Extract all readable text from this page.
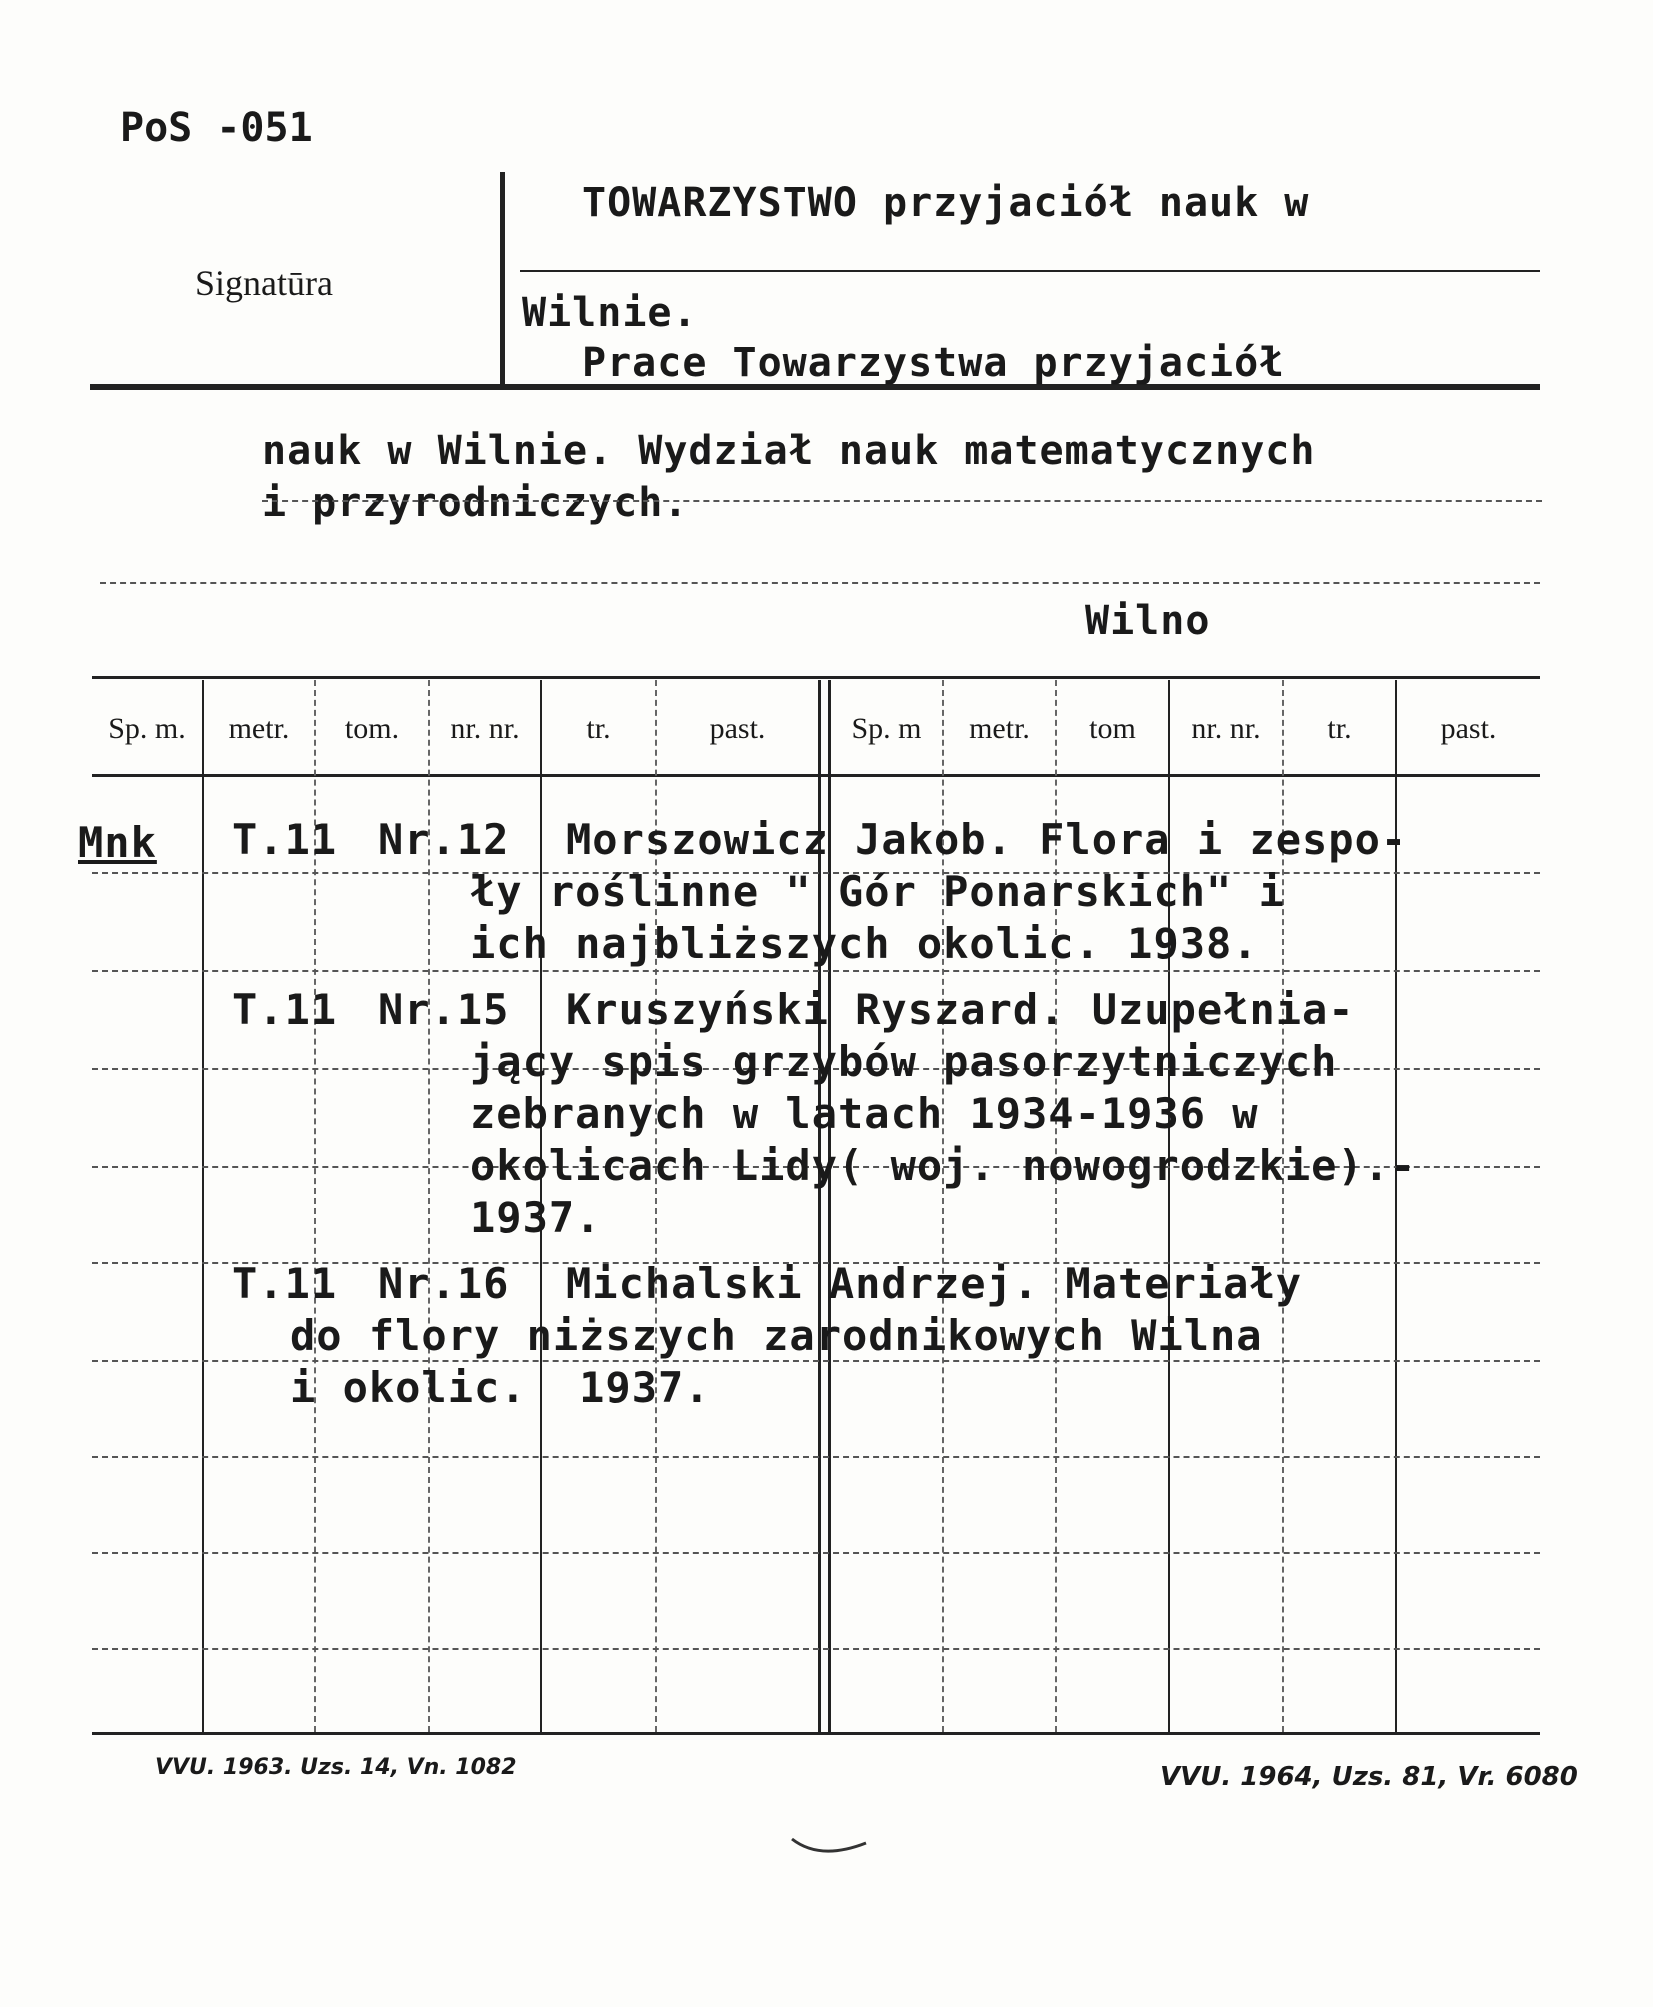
PoS -051
Signatūra
TOWARZYSTWO przyjaciół nauk w
Wilnie.
Prace Towarzystwa przyjaciół
nauk w Wilnie. Wydział nauk matematycznych
i przyrodniczych.
Wilno
Sp. m.	metr.	tom.	nr. nr.	tr.	past.	Sp. m	metr.	tom	nr. nr.	tr.	past.
Mnk T.11 Nr.12 Morszowicz Jakob. Flora i zespo-
ły roślinne " Gór Ponarskich" i
ich najbliższych okolic. 1938.
T.11 Nr.15 Kruszyński Ryszard. Uzupełnia-
jący spis grzybów pasorzytniczych
zebranych w latach 1934-1936 w
okolicach Lidy( woj. nowogrodzkie).-
1937.
T.11 Nr.16 Michalski Andrzej. Materiały
do flory niższych zarodnikowych Wilna
i okolic.  1937.
VVU. 1963. Uzs. 14, Vn. 1082	VVU. 1964, Uzs. 81, Vr. 6080
